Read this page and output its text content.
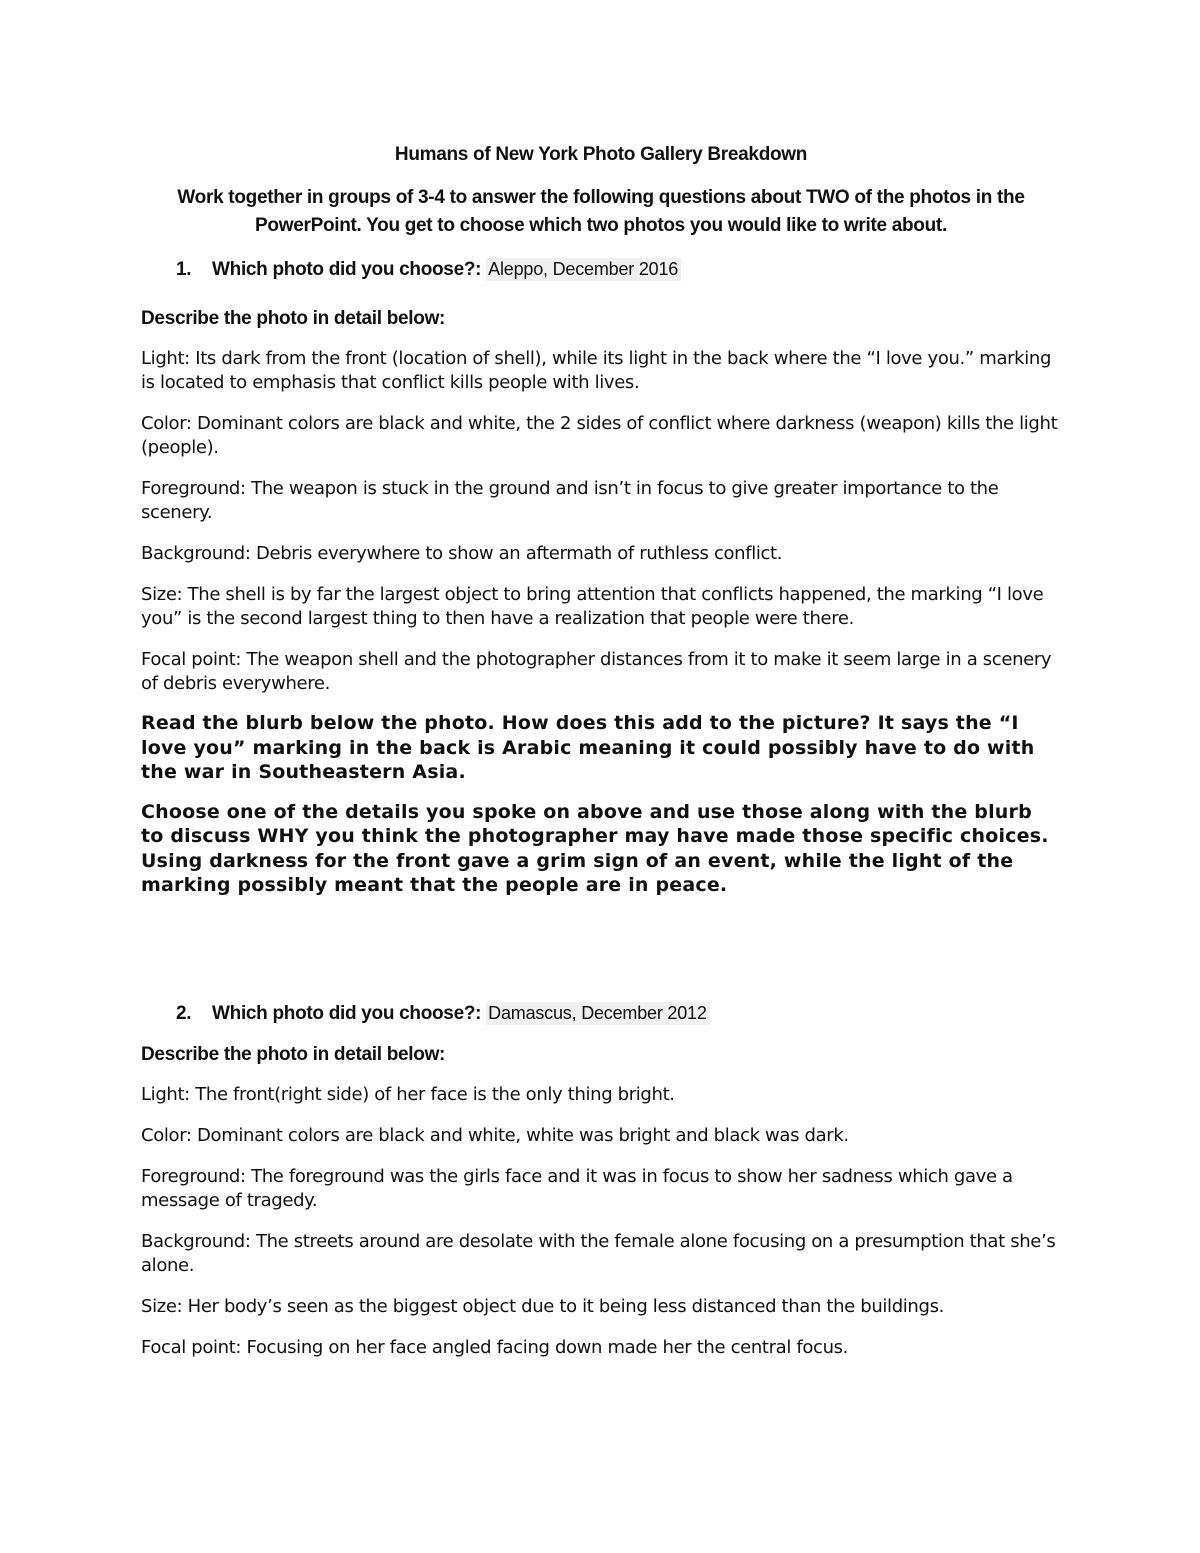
Humans of New York Photo Gallery Breakdown

Work together in groups of 3-4 to answer the following questions about TWO of the photos in the PowerPoint. You get to choose which two photos you would like to write about.

1. Which photo did you choose?: Aleppo, December 2016

Describe the photo in detail below:

Light: Its dark from the front (location of shell), while its light in the back where the “I love you.” marking is located to emphasis that conflict kills people with lives.

Color: Dominant colors are black and white, the 2 sides of conflict where darkness (weapon) kills the light (people).

Foreground: The weapon is stuck in the ground and isn’t in focus to give greater importance to the scenery.

Background: Debris everywhere to show an aftermath of ruthless conflict.

Size: The shell is by far the largest object to bring attention that conflicts happened, the marking “I love you” is the second largest thing to then have a realization that people were there.

Focal point: The weapon shell and the photographer distances from it to make it seem large in a scenery of debris everywhere.

Read the blurb below the photo. How does this add to the picture? It says the “I love you” marking in the back is Arabic meaning it could possibly have to do with the war in Southeastern Asia.

Choose one of the details you spoke on above and use those along with the blurb to discuss WHY you think the photographer may have made those specific choices. Using darkness for the front gave a grim sign of an event, while the light of the marking possibly meant that the people are in peace.

2. Which photo did you choose?: Damascus, December 2012

Describe the photo in detail below:

Light: The front(right side) of her face is the only thing bright.

Color: Dominant colors are black and white, white was bright and black was dark.

Foreground: The foreground was the girls face and it was in focus to show her sadness which gave a message of tragedy.

Background: The streets around are desolate with the female alone focusing on a presumption that she’s alone.

Size: Her body’s seen as the biggest object due to it being less distanced than the buildings.

Focal point: Focusing on her face angled facing down made her the central focus.
